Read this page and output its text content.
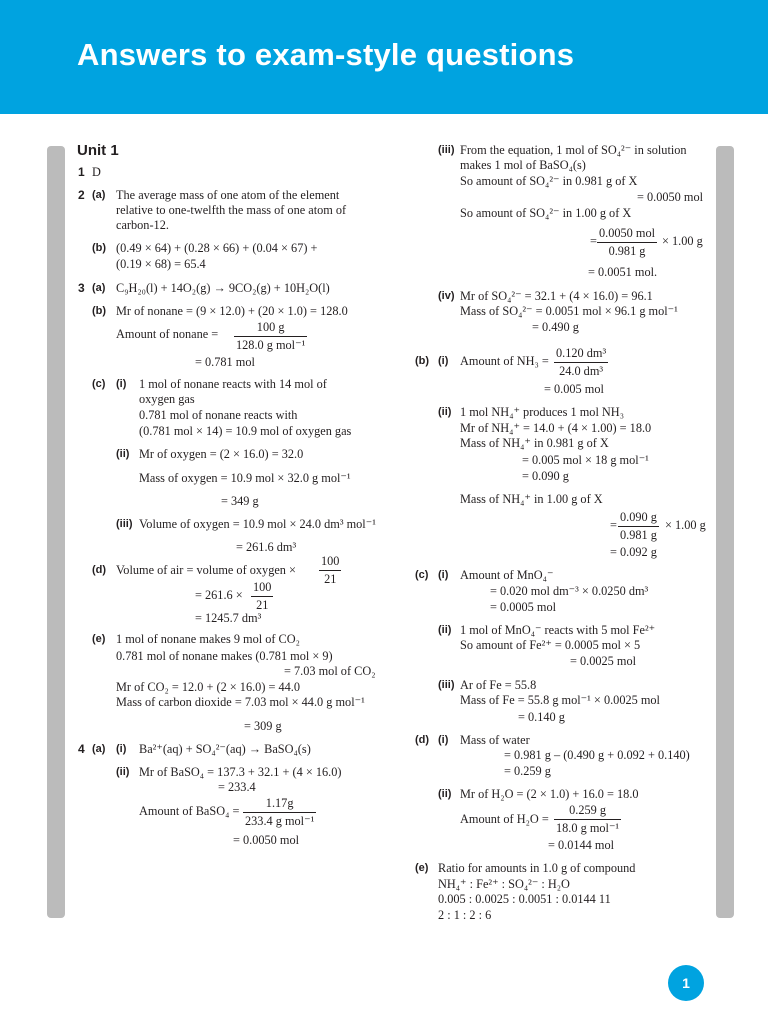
Answers to exam-style questions
Unit 1
1 D
2 (a) The average mass of one atom of the element
relative to one-twelfth the mass of one atom of
carbon-12.
(b) (0.49 × 64) + (0.28 × 66) + (0.04 × 67) +
(0.19 × 68) = 65.4
3 (a) C₉H₂₀(l) + 14O₂(g) → 9CO₂(g) + 10H₂O(l)
(b) Mr of nonane = (9 × 12.0) + (20 × 1.0) = 128.0
Amount of nonane =
= 0.781 mol
(c) (i) 1 mol of nonane reacts with 14 mol of
oxygen gas
0.781 mol of nonane reacts with
(0.781 mol × 14) = 10.9 mol of oxygen gas
(ii) Mr of oxygen = (2 × 16.0) = 32.0
Mass of oxygen = 10.9 mol × 32.0 g mol⁻¹
= 349 g
(iii) Volume of oxygen = 10.9 mol × 24.0 dm³ mol⁻¹
= 261.6 dm³
(d) Volume of air = volume of oxygen ×
= 261.6 ×
= 1245.7 dm³
(e) 1 mol of nonane makes 9 mol of CO₂
0.781 mol of nonane makes (0.781 mol × 9)
= 7.03 mol of CO₂
Mr of CO₂ = 12.0 + (2 × 16.0) = 44.0
Mass of carbon dioxide = 7.03 mol × 44.0 g mol⁻¹
= 309 g
4 (a) (i) Ba²⁺(aq) + SO₄²⁻(aq) → BaSO₄(s)
(ii) Mr of BaSO₄ = 137.3 + 32.1 + (4 × 16.0)
= 233.4
Amount of BaSO₄ =
= 0.0050 mol
(iii) From the equation, 1 mol of SO₄²⁻ in solution
makes 1 mol of BaSO₄(s)
So amount of SO₄²⁻ in 0.981 g of X
= 0.0050 mol
So amount of SO₄²⁻ in 1.00 g of X
=	× 1.00 g
= 0.0051 mol.
(iv) Mr of SO₄²⁻ = 32.1 + (4 × 16.0) = 96.1
Mass of SO₄²⁻ = 0.0051 mol × 96.1 g mol⁻¹
= 0.490 g
(b) (i) Amount of NH₃ =
= 0.005 mol
(ii) 1 mol NH₄⁺ produces 1 mol NH₃
Mr of NH₄⁺ = 14.0 + (4 × 1.00) = 18.0
Mass of NH₄⁺ in 0.981 g of X
= 0.005 mol × 18 g mol⁻¹
= 0.090 g
Mass of NH₄⁺ in 1.00 g of X
=	× 1.00 g
= 0.092 g
(c) (i) Amount of MnO₄⁻
= 0.020 mol dm⁻³ × 0.0250 dm³
= 0.0005 mol
(ii) 1 mol of MnO₄⁻ reacts with 5 mol Fe²⁺
So amount of Fe²⁺ = 0.0005 mol × 5
= 0.0025 mol
(iii) Ar of Fe = 55.8
Mass of Fe = 55.8 g mol⁻¹ × 0.0025 mol
= 0.140 g
(d) (i) Mass of water
= 0.981 g – (0.490 g + 0.092 + 0.140)
= 0.259 g
(ii) Mr of H₂O = (2 × 1.0) + 16.0 = 18.0
Amount of H₂O =
= 0.0144 mol
(e) Ratio for amounts in 1.0 g of compound
NH₄⁺ : Fe²⁺ : SO₄²⁻ : H₂O
0.005 : 0.0025 : 0.0051 : 0.0144 11
2 : 1 : 2 : 6
100 g
128.0 g mol⁻¹
$\frac{100}{21}$
$\frac{100}{21}$
1.17g
233.4 g mol⁻¹
0.0050 mol
0.981 g
$\frac{\text{0.120 dm³}}{\text{24.0 dm³}}$
$\frac{0.090 g}{0.981 g}$
0.259 g
18.0 g mol⁻¹
1
